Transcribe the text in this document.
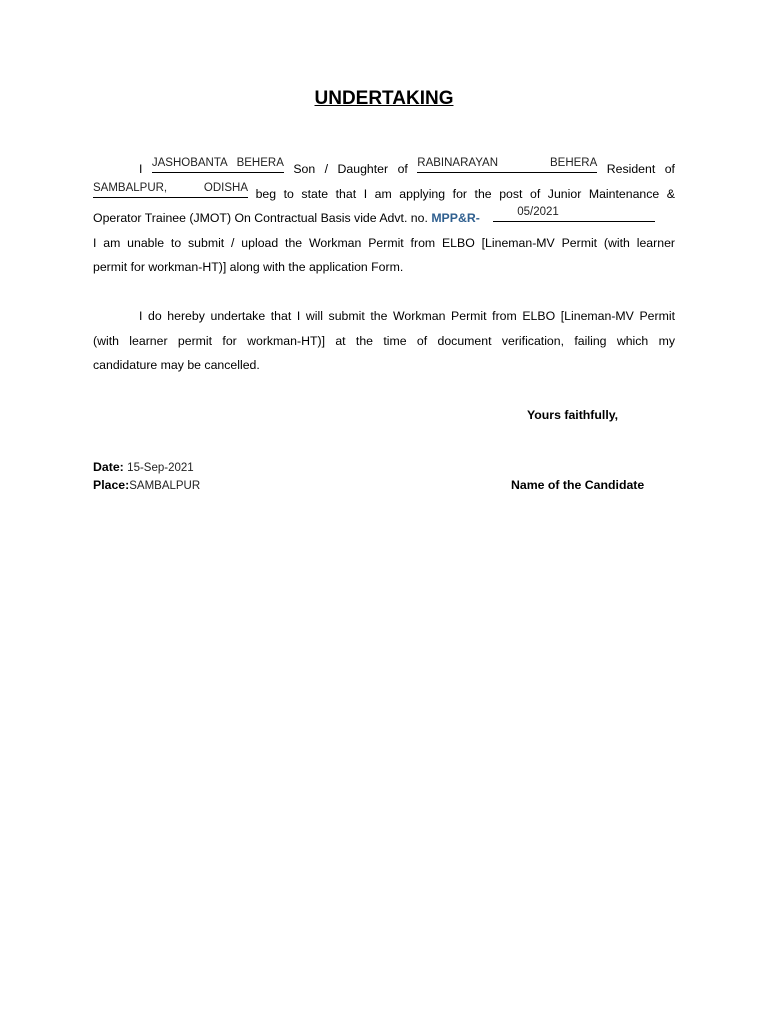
UNDERTAKING
I JASHOBANTA BEHERA Son / Daughter of RABINARAYAN BEHERA Resident of
SAMBALPUR, ODISHA beg to state that I am applying for the post of Junior Maintenance &
Operator Trainee (JMOT) On Contractual Basis vide Advt. no. MPP&R-	05/2021
I am unable to submit / upload the Workman Permit from ELBO [Lineman-MV Permit (with learner
permit for workman-HT)] along with the application Form.
I do hereby undertake that I will submit the Workman Permit from ELBO [Lineman-MV Permit
(with learner permit for workman-HT)] at the time of document verification, failing which my
candidature may be cancelled.
Yours faithfully,
Date: 15-Sep-2021
Place:SAMBALPUR	Name of the Candidate
